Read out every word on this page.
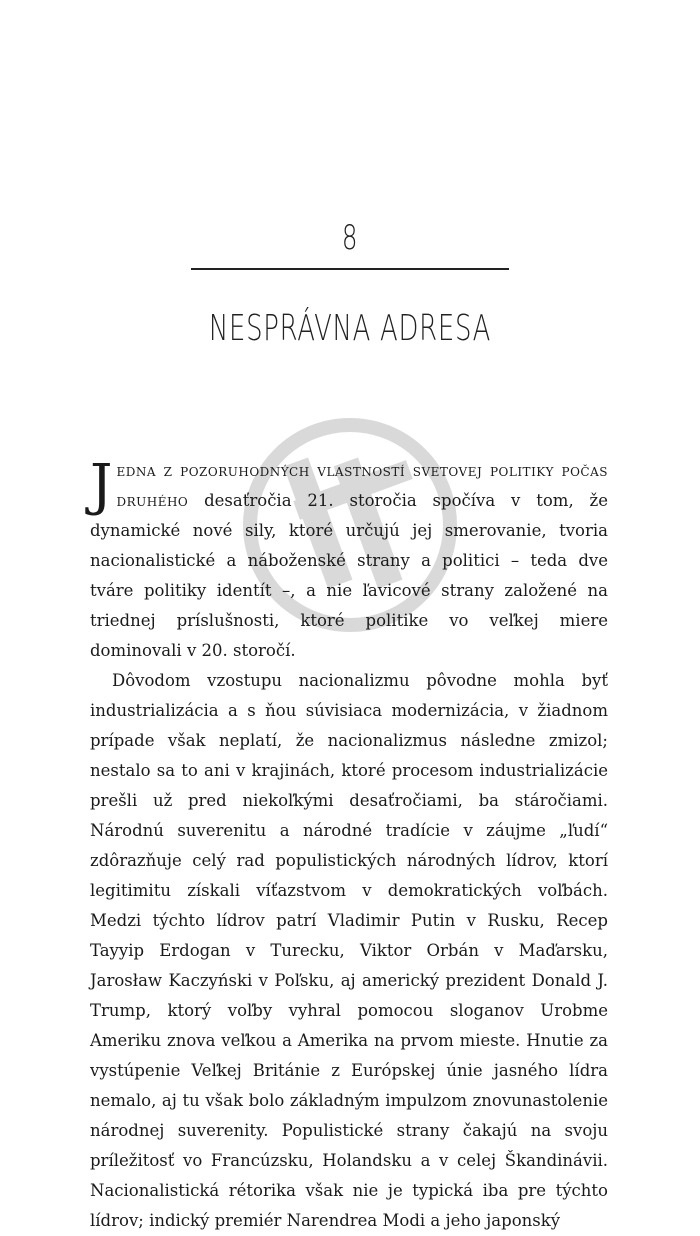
8
NESPRÁVNA ADRESA

Jedna z pozoruhodných vlastností svetovej politiky počas druhého desaťročia 21. storočia spočíva v tom, že dynamické nové sily, ktoré určujú jej smerovanie, tvoria nacionalistické a náboženské strany a politici – teda dve tváre politiky identít –, a nie ľavicové strany založené na triednej príslušnosti, ktoré politike vo veľkej miere dominovali v 20. storočí.

Dôvodom vzostupu nacionalizmu pôvodne mohla byť industrializácia a s ňou súvisiaca modernizácia, v žiadnom prípade však neplatí, že nacionalizmus následne zmizol; nestalo sa to ani v krajinách, ktoré procesom industrializácie prešli už pred niekoľkými desaťročiami, ba stáročiami. Národnú suverenitu a národné tradície v záujme „ľudí“ zdôrazňuje celý rad populistických národných lídrov, ktorí legitimitu získali víťazstvom v demokratických voľbách. Medzi týchto lídrov patrí Vladimir Putin v Rusku, Recep Tayyip Erdogan v Turecku, Viktor Orbán v Maďarsku, Jarosław Kaczyński v Poľsku, aj americký prezident Donald J. Trump, ktorý voľby vyhral pomocou sloganov Urobme Ameriku znova veľkou a Amerika na prvom mieste. Hnutie za vystúpenie Veľkej Británie z Európskej únie jasného lídra nemalo, aj tu však bolo základným impulzom znovunastolenie národnej suverenity. Populistické strany čakajú na svoju príležitosť vo Francúzsku, Holandsku a v celej Škandinávii. Nacionalistická rétorika však nie je typická iba pre týchto lídrov; indický premiér Narendrea Modi a jeho japonský
